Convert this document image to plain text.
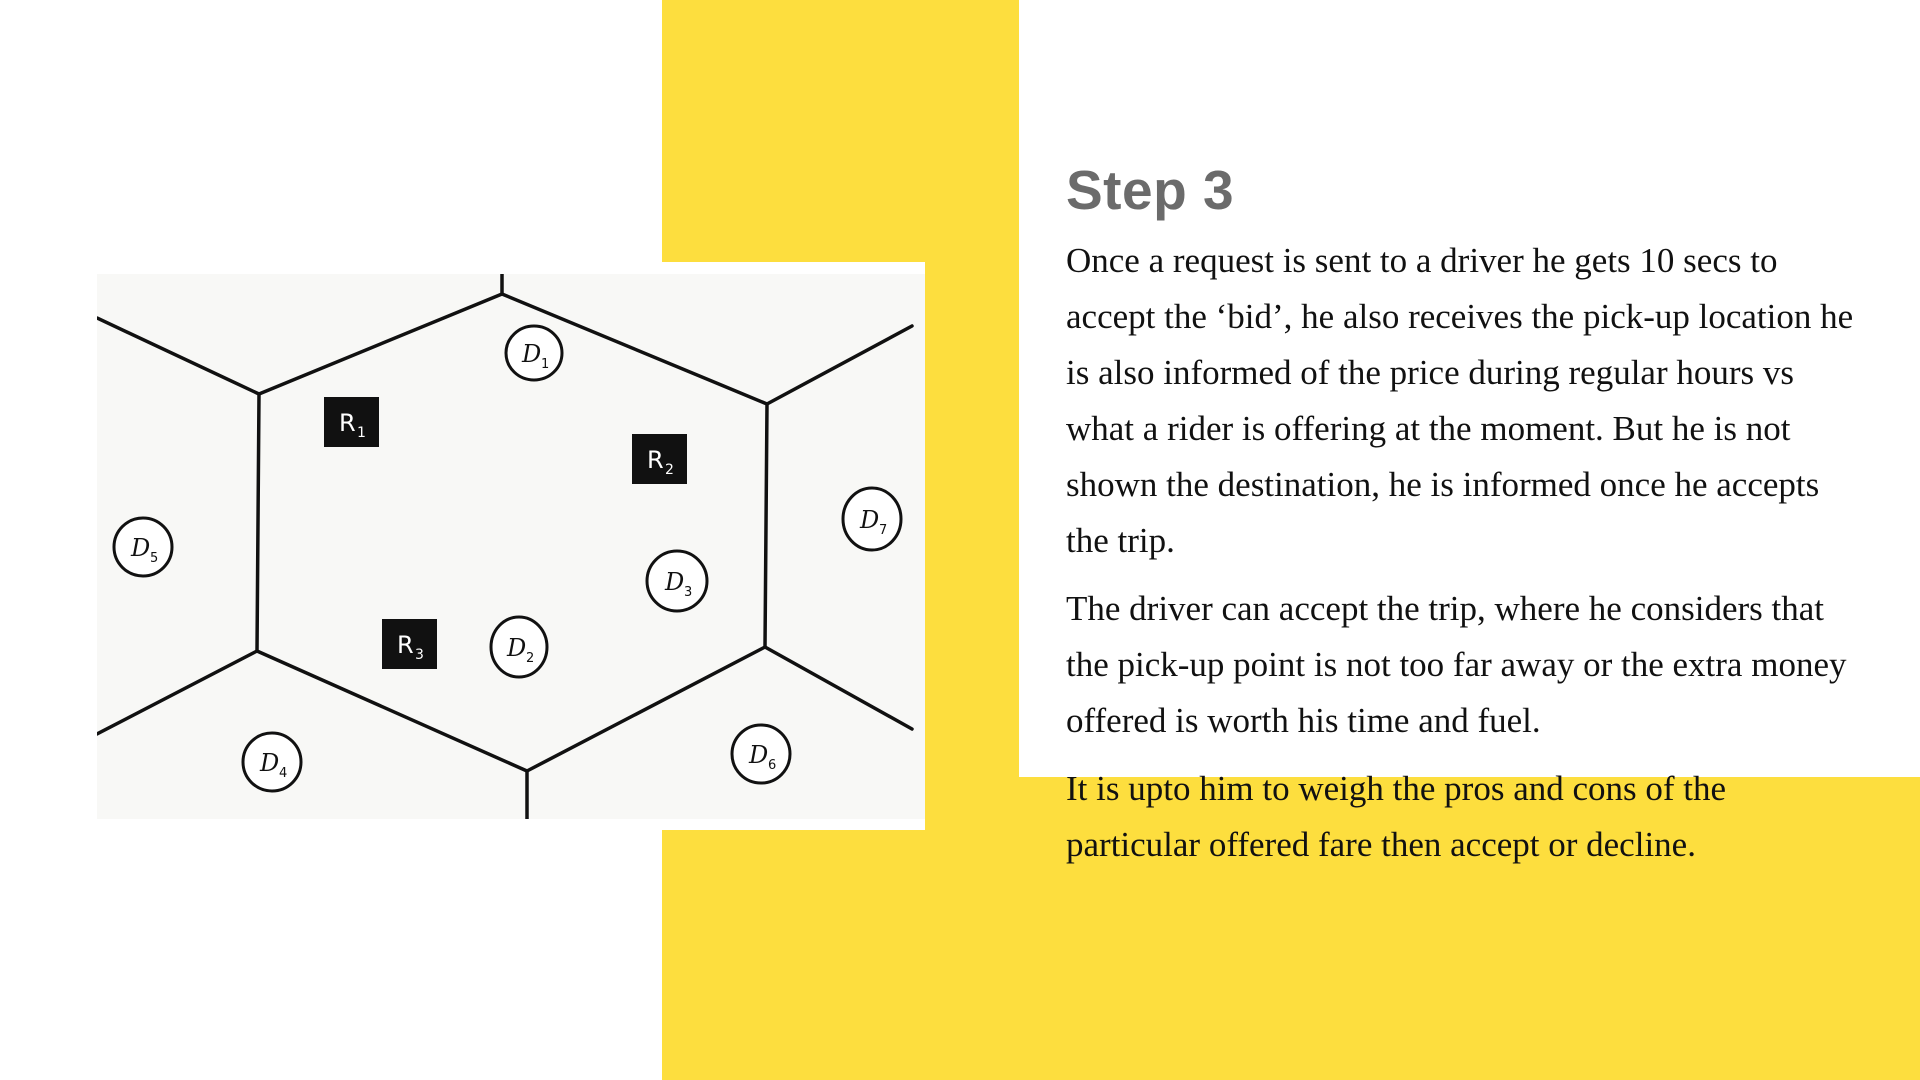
R 1
R 2
R 3
D 1
D 2
D 3
D 4
D 5
D 6
D 7
Step 3

Once a request is sent to a driver he gets 10 secs to accept the ‘bid’, he also receives the pick-up location he is also informed of the price during regular hours vs what a rider is offering at the moment. But he is not shown the destination, he is informed once he accepts the trip.

The driver can accept the trip, where he considers that the pick-up point is not too far away or the extra money offered is worth his time and fuel.

It is upto him to weigh the pros and cons of the particular offered fare then accept or decline.
